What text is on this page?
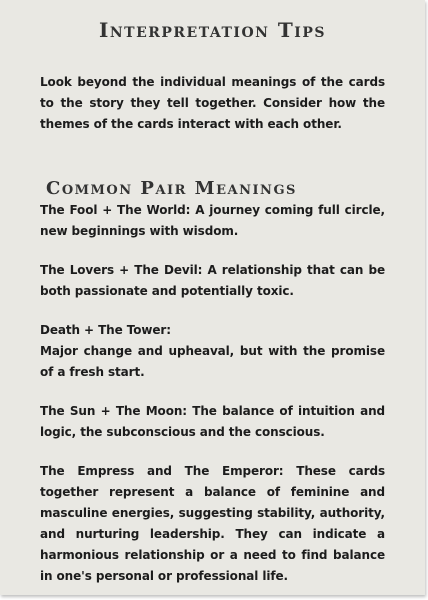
Interpretation Tips

Look beyond the individual meanings of the cards to the story they tell together. Consider how the themes of the cards interact with each other.

Common Pair Meanings

The Fool + The World: A journey coming full circle, new beginnings with wisdom.

The Lovers + The Devil: A relationship that can be both passionate and potentially toxic.

Death + The Tower:
Major change and upheaval, but with the promise of a fresh start.

The Sun + The Moon: The balance of intuition and logic, the subconscious and the conscious.

The Empress and The Emperor: These cards together represent a balance of feminine and masculine energies, suggesting stability, authority, and nurturing leadership. They can indicate a harmonious relationship or a need to find balance in one's personal or professional life.
